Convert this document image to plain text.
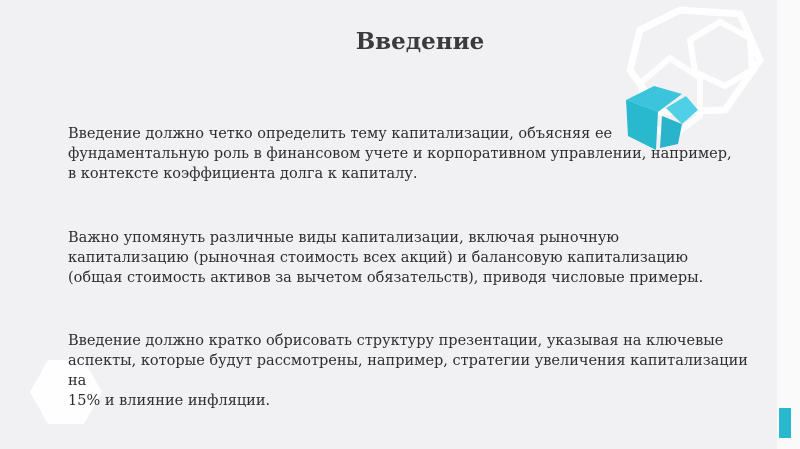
Введение
Введение должно четко определить тему капитализации, объясняя ее
фундаментальную роль в финансовом учете и корпоративном управлении, например,
в контексте коэффициента долга к капиталу.
Важно упомянуть различные виды капитализации, включая рыночную
капитализацию (рыночная стоимость всех акций) и балансовую капитализацию
(общая стоимость активов за вычетом обязательств), приводя числовые примеры.
Введение должно кратко обрисовать структуру презентации, указывая на ключевые
аспекты, которые будут рассмотрены, например, стратегии увеличения капитализации на
15% и влияние инфляции.
